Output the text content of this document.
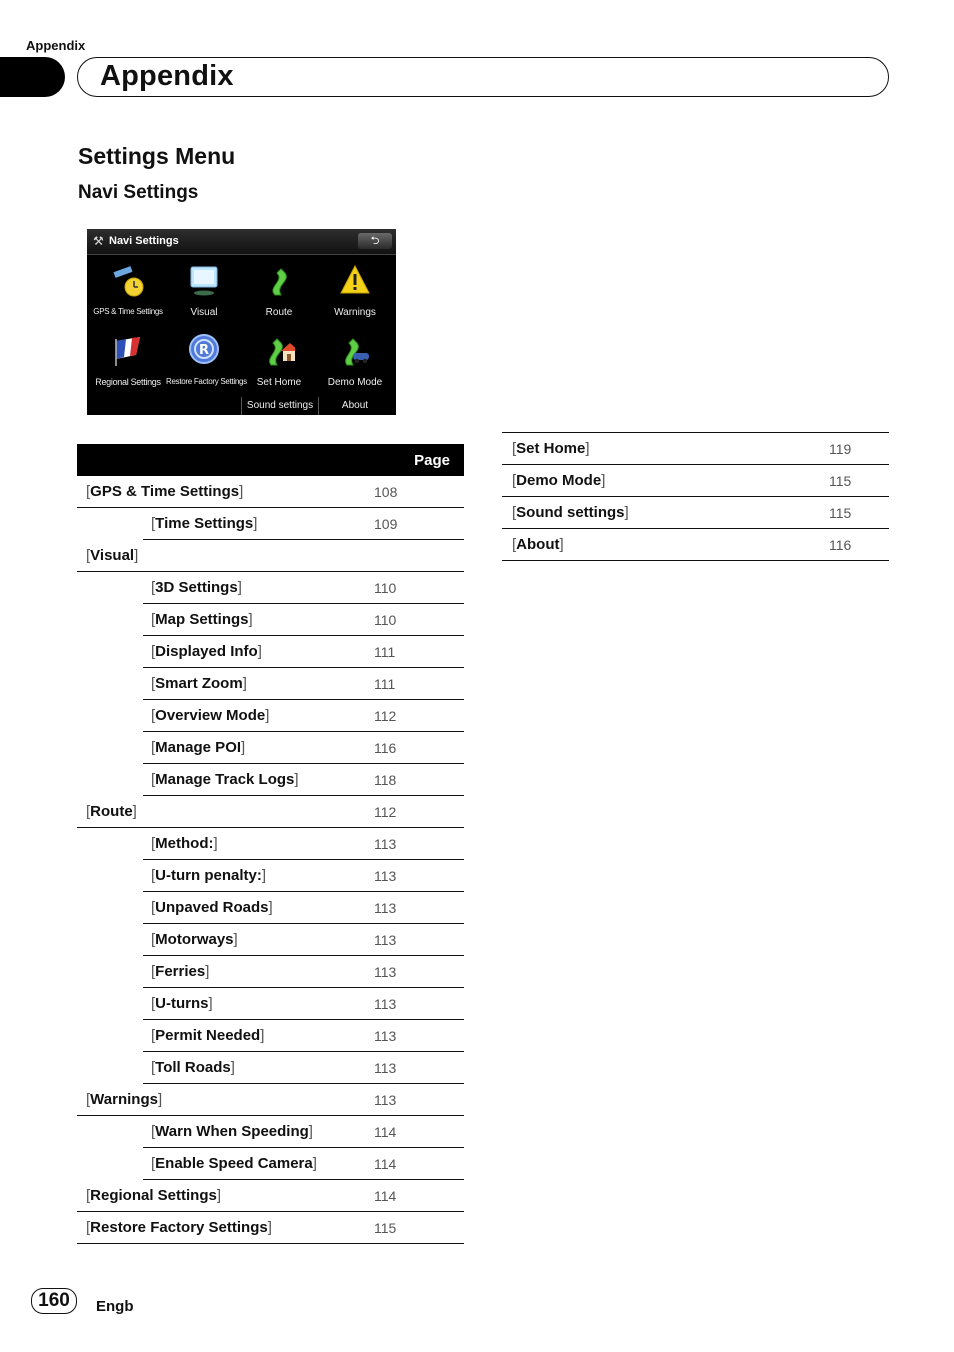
Appendix
Appendix
Settings Menu
Navi Settings
⚒ Navi Settings	⮌
GPS & Time Settings	Visual	Route	Warnings
Regional Settings
R
Restore Factory Settings Set Home	Demo Mode
Sound settings	About
		Page
[GPS & Time Settings]		108
	[Time Settings]	109
[Visual]		
	[3D Settings]	110
	[Map Settings]	110
	[Displayed Info]	111
	[Smart Zoom]	111
	[Overview Mode]	112
	[Manage POI]	116
	[Manage Track Logs]	118
[Route]		112
	[Method:]	113
	[U-turn penalty:]	113
	[Unpaved Roads]	113
	[Motorways]	113
	[Ferries]	113
	[U-turns]	113
	[Permit Needed]	113
	[Toll Roads]	113
[Warnings]		113
	[Warn When Speeding]	114
	[Enable Speed Camera]	114
[Regional Settings]		114
[Restore Factory Settings]		115
[Set Home]	119
[Demo Mode]	115
[Sound settings]	115
[About]	116
160	Engb
